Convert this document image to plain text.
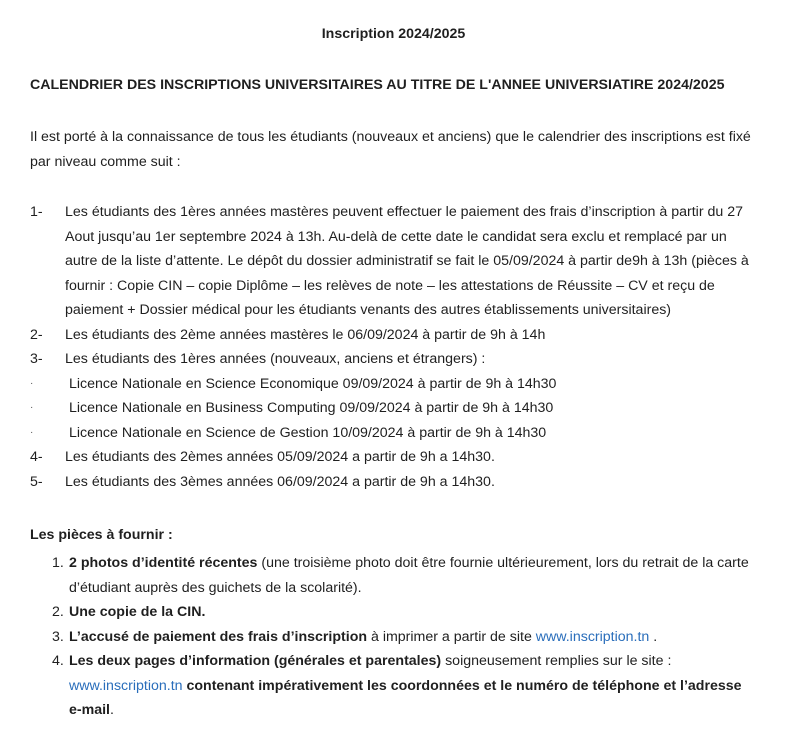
Inscription 2024/2025
CALENDRIER DES INSCRIPTIONS UNIVERSITAIRES AU TITRE DE L'ANNEE UNIVERSIATIRE 2024/2025
Il est porté à la connaissance de tous les étudiants (nouveaux et anciens) que le calendrier des inscriptions est fixé par niveau comme suit :
1-	Les étudiants des 1ères années mastères peuvent effectuer le paiement des frais d’inscription à partir du 27 Aout jusqu’au 1er septembre 2024 à 13h. Au-delà de cette date le candidat sera exclu et remplacé par un autre de la liste d’attente. Le dépôt du dossier administratif se fait le 05/09/2024 à partir de9h à 13h (pièces à fournir : Copie CIN – copie Diplôme – les relèves de note – les attestations de Réussite – CV et reçu de paiement + Dossier médical pour les étudiants venants des autres établissements universitaires)
2-	Les étudiants des 2ème années mastères le 06/09/2024 à partir de 9h à 14h
3-	Les étudiants des 1ères années (nouveaux, anciens et étrangers) :
·	Licence Nationale en Science Economique 09/09/2024 à partir de 9h à 14h30
·	Licence Nationale en Business Computing 09/09/2024 à partir de 9h à 14h30
·	Licence Nationale en Science de Gestion 10/09/2024 à partir de 9h à 14h30
4-	Les étudiants des 2èmes années 05/09/2024 a partir de 9h a 14h30.
5-	Les étudiants des 3èmes années 06/09/2024 a partir de 9h a 14h30.
Les pièces à fournir :
1. 2 photos d’identité récentes (une troisième photo doit être fournie ultérieurement, lors du retrait de la carte d’étudiant auprès des guichets de la scolarité).
2. Une copie de la CIN.
3. L’accusé de paiement des frais d’inscription à imprimer a partir de site www.inscription.tn .
4. Les deux pages d’information (générales et parentales) soigneusement remplies sur le site :
www.inscription.tn contenant impérativement les coordonnées et le numéro de téléphone et l’adresse e-mail.
